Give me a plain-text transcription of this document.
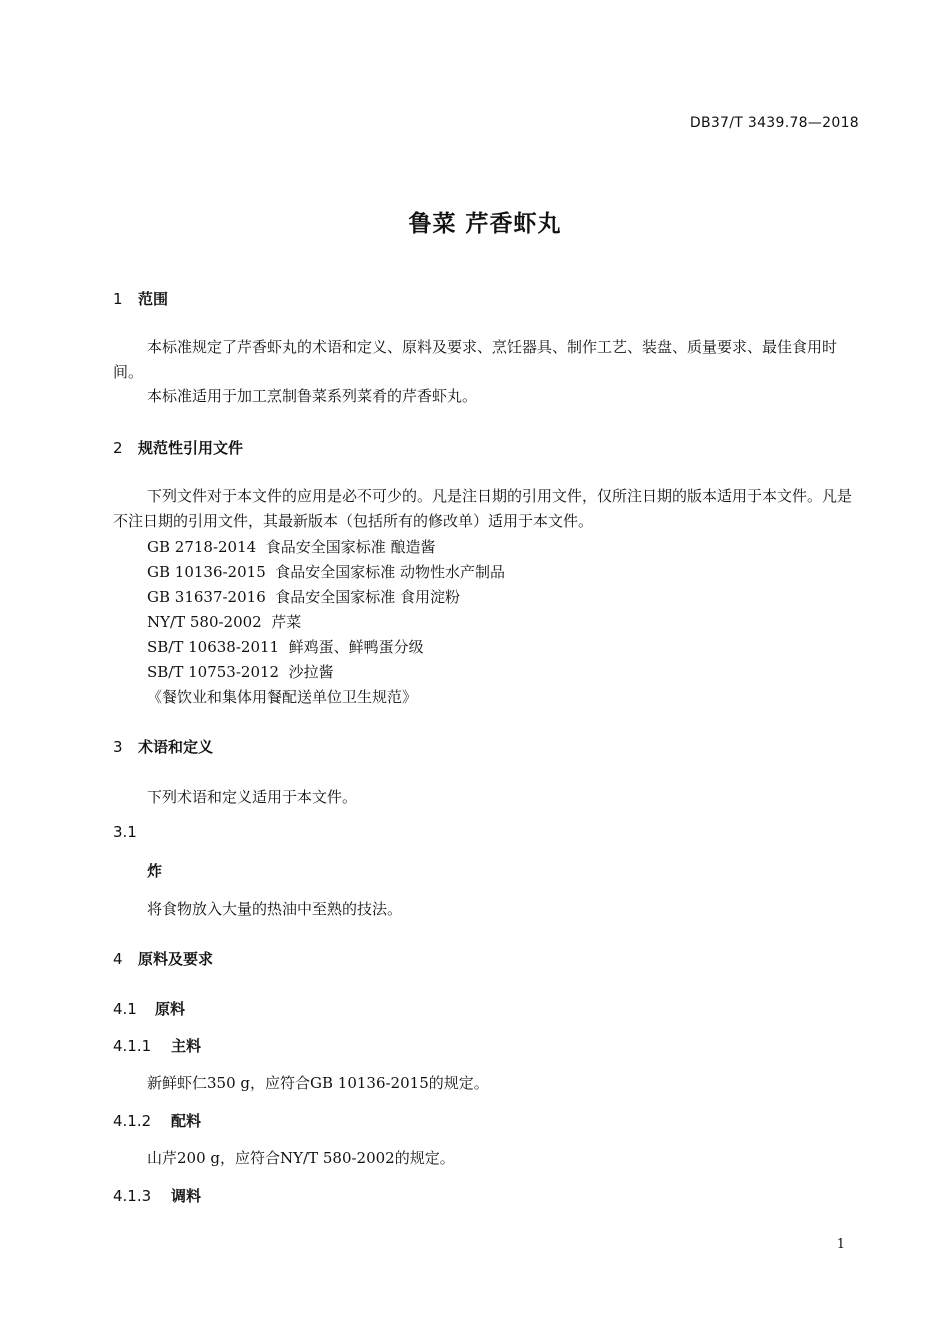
DB37/T 3439.78—2018
鲁菜 芹香虾丸
1 范围
本标准规定了芹香虾丸的术语和定义、原料及要求、烹饪器具、制作工艺、装盘、质量要求、最佳食用时间。
本标准适用于加工烹制鲁菜系列菜肴的芹香虾丸。
2 规范性引用文件
下列文件对于本文件的应用是必不可少的。凡是注日期的引用文件，仅所注日期的版本适用于本文件。凡是不注日期的引用文件，其最新版本（包括所有的修改单）适用于本文件。
GB 2718-2014  食品安全国家标准 酿造酱
GB 10136-2015  食品安全国家标准 动物性水产制品
GB 31637-2016  食品安全国家标准 食用淀粉
NY/T 580-2002  芹菜
SB/T 10638-2011  鲜鸡蛋、鲜鸭蛋分级
SB/T 10753-2012  沙拉酱
《餐饮业和集体用餐配送单位卫生规范》
3 术语和定义
下列术语和定义适用于本文件。
3.1
炸
将食物放入大量的热油中至熟的技法。
4 原料及要求
4.1 原料
4.1.1 主料
新鲜虾仁350 g，应符合GB 10136-2015的规定。
4.1.2 配料
山芹200 g，应符合NY/T 580-2002的规定。
4.1.3 调料
1
